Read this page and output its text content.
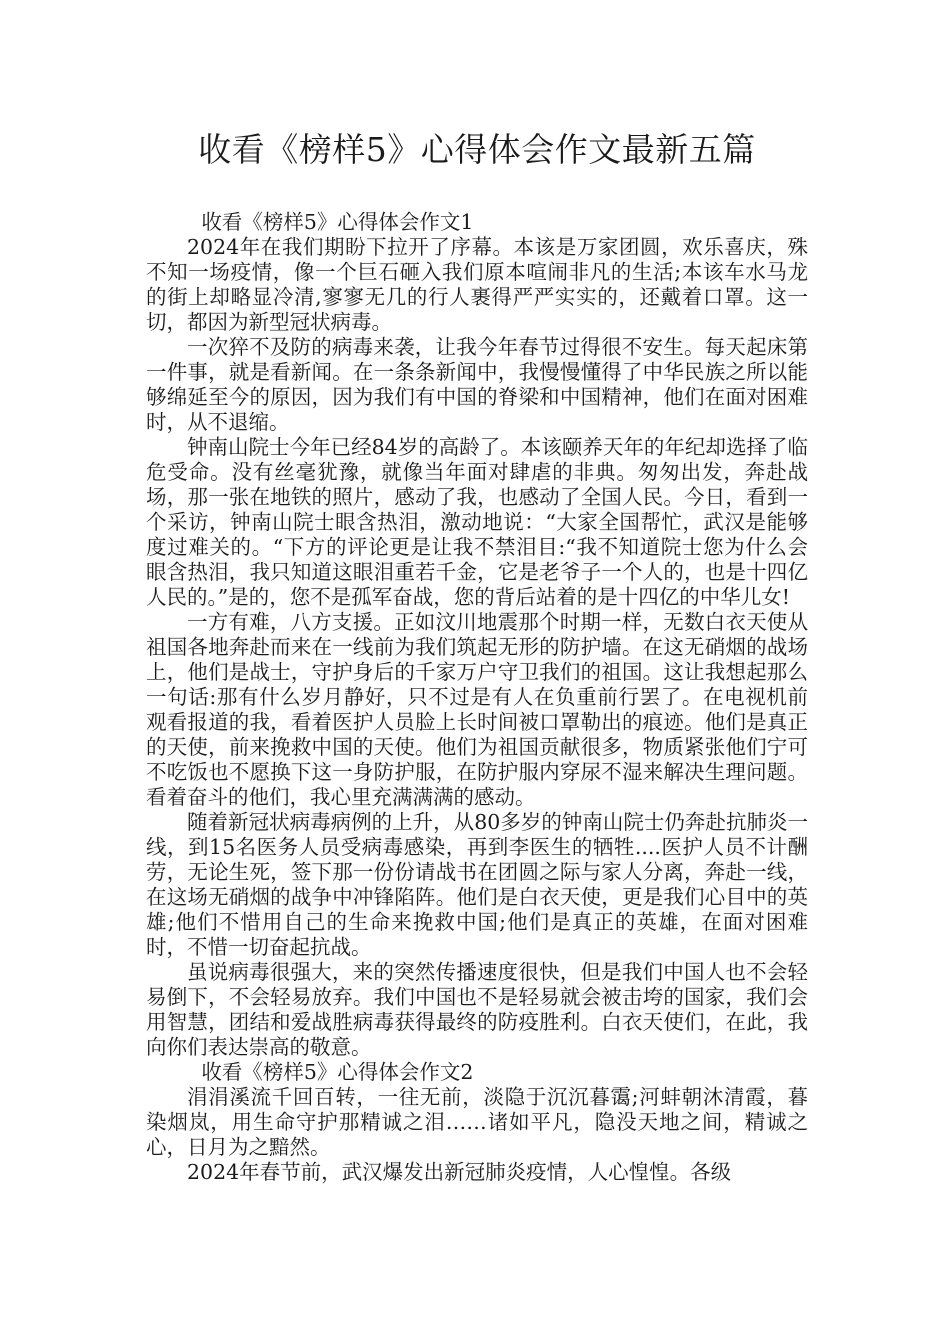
收看《榜样5》心得体会作文最新五篇

收看《榜样5》心得体会作文1

2024年在我们期盼下拉开了序幕。本该是万家团圆，欢乐喜庆，殊不知一场疫情，像一个巨石砸入我们原本喧闹非凡的生活;本该车水马龙的街上却略显冷清,寥寥无几的行人裹得严严实实的，还戴着口罩。这一切，都因为新型冠状病毒。

一次猝不及防的病毒来袭，让我今年春节过得很不安生。每天起床第一件事，就是看新闻。在一条条新闻中，我慢慢懂得了中华民族之所以能够绵延至今的原因，因为我们有中国的脊梁和中国精神，他们在面对困难时，从不退缩。

钟南山院士今年已经84岁的高龄了。本该颐养天年的年纪却选择了临危受命。没有丝毫犹豫，就像当年面对肆虐的非典。匆匆出发，奔赴战场，那一张在地铁的照片，感动了我，也感动了全国人民。今日，看到一个采访，钟南山院士眼含热泪，激动地说：“大家全国帮忙，武汉是能够度过难关的。“下方的评论更是让我不禁泪目:“我不知道院士您为什么会眼含热泪，我只知道这眼泪重若千金，它是老爷子一个人的，也是十四亿人民的。”是的，您不是孤军奋战，您的背后站着的是十四亿的中华儿女!

一方有难，八方支援。正如汶川地震那个时期一样，无数白衣天使从祖国各地奔赴而来在一线前为我们筑起无形的防护墙。在这无硝烟的战场上，他们是战士，守护身后的千家万户守卫我们的祖国。这让我想起那么一句话:那有什么岁月静好，只不过是有人在负重前行罢了。在电视机前观看报道的我，看着医护人员脸上长时间被口罩勒出的痕迹。他们是真正的天使，前来挽救中国的天使。他们为祖国贡献很多，物质紧张他们宁可不吃饭也不愿换下这一身防护服，在防护服内穿尿不湿来解决生理问题。看着奋斗的他们，我心里充满满满的感动。

随着新冠状病毒病例的上升，从80多岁的钟南山院士仍奔赴抗肺炎一线，到15名医务人员受病毒感染，再到李医生的牺牲....医护人员不计酬劳，无论生死，签下那一份份请战书在团圆之际与家人分离，奔赴一线，在这场无硝烟的战争中冲锋陷阵。他们是白衣天使，更是我们心目中的英雄;他们不惜用自己的生命来挽救中国;他们是真正的英雄，在面对困难时，不惜一切奋起抗战。

虽说病毒很强大，来的突然传播速度很快，但是我们中国人也不会轻易倒下，不会轻易放弃。我们中国也不是轻易就会被击垮的国家，我们会用智慧，团结和爱战胜病毒获得最终的防疫胜利。白衣天使们，在此，我向你们表达崇高的敬意。

收看《榜样5》心得体会作文2

涓涓溪流千回百转，一往无前，淡隐于沉沉暮霭;河蚌朝沐清霞，暮染烟岚，用生命守护那精诚之泪……诸如平凡，隐没天地之间，精诚之心，日月为之黯然。

2024年春节前，武汉爆发出新冠肺炎疫情，人心惶惶。各级
